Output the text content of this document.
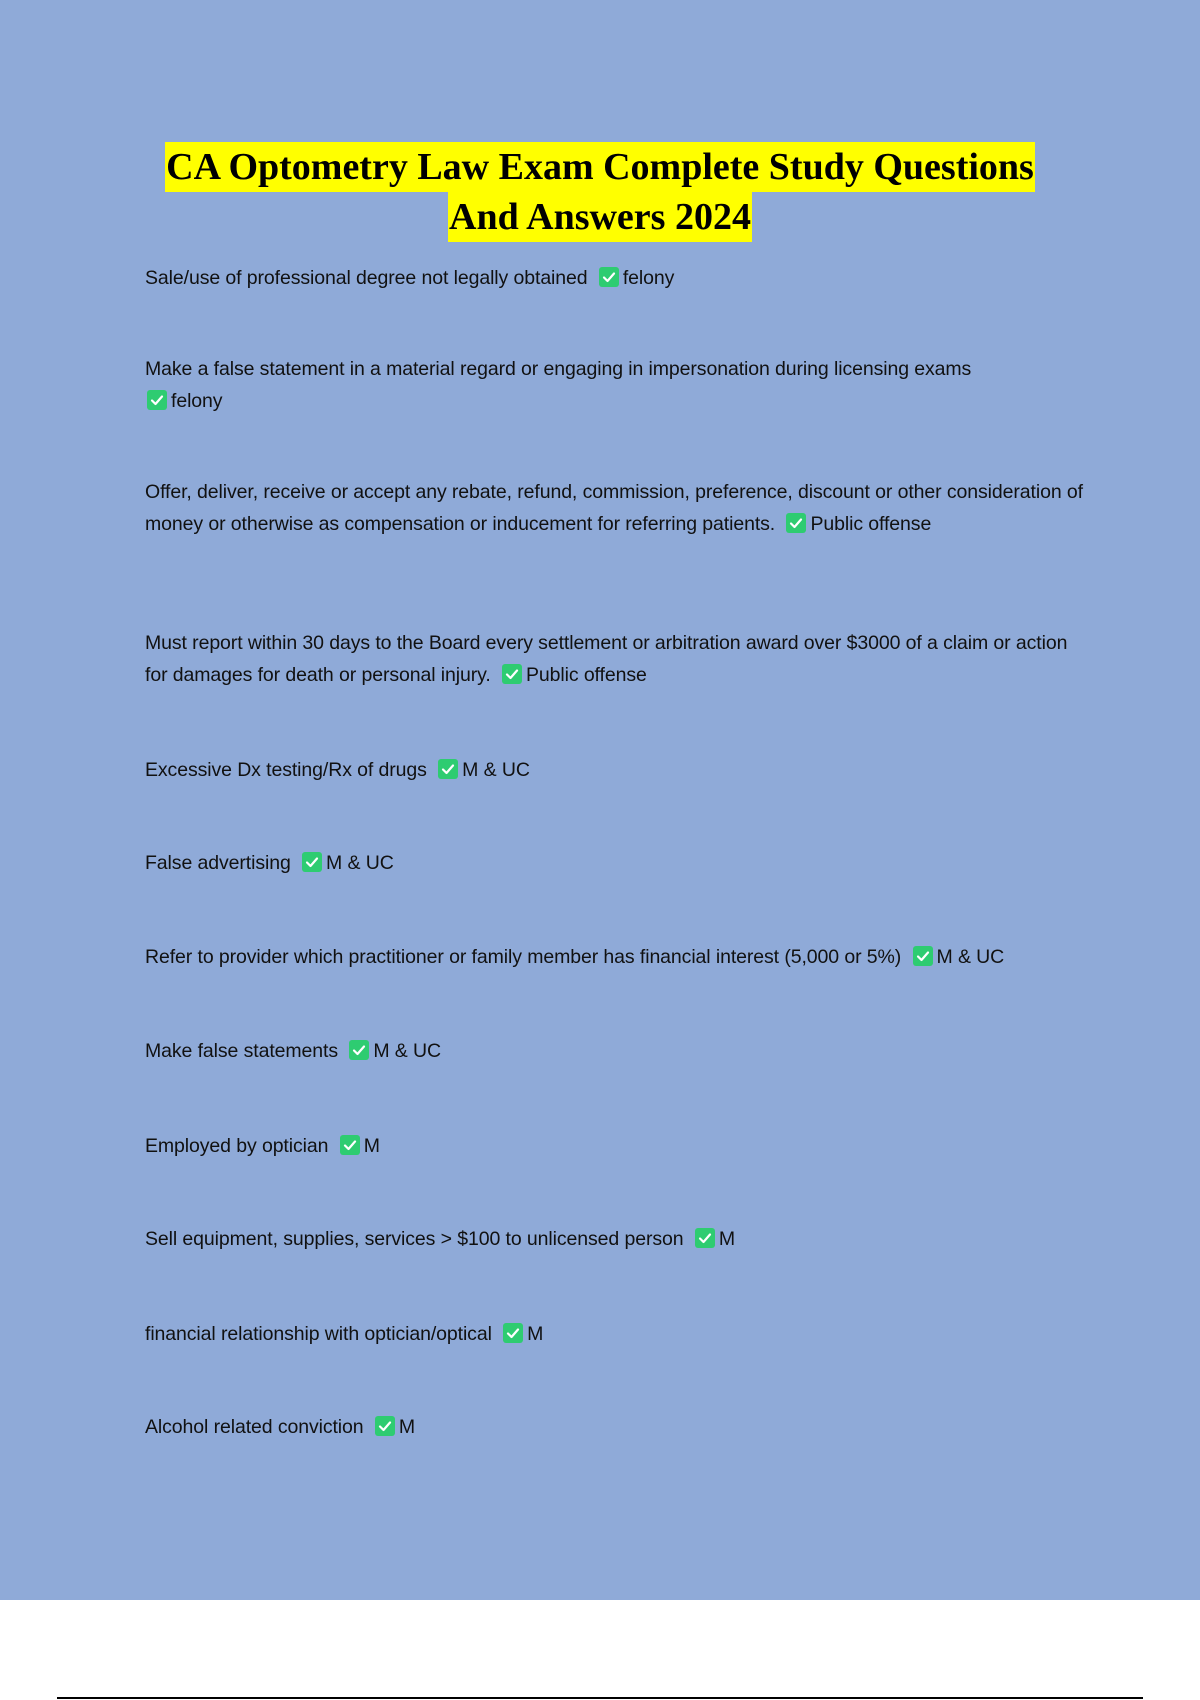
CA Optometry Law Exam Complete Study Questions
And Answers 2024
Sale/use of professional degree not legally obtained felony
Make a false statement in a material regard or engaging in impersonation during licensing exams

felony
Offer, deliver, receive or accept any rebate, refund, commission, preference, discount or other consideration of money or otherwise as compensation or inducement for referring patients. Public offense
Must report within 30 days to the Board every settlement or arbitration award over $3000 of a claim or action for damages for death or personal injury. Public offense
Excessive Dx testing/Rx of drugs M & UC
False advertising M & UC
Refer to provider which practitioner or family member has financial interest (5,000 or 5%) M & UC
Make false statements M & UC
Employed by optician M
Sell equipment, supplies, services > $100 to unlicensed person M
financial relationship with optician/optical M
Alcohol related conviction M
